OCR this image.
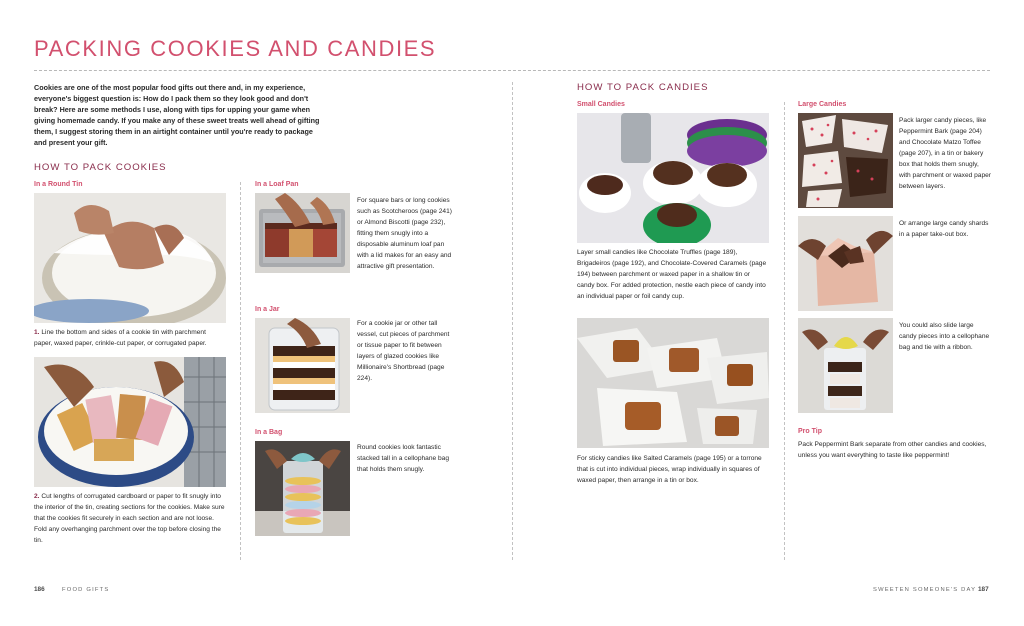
PACKING COOKIES AND CANDIES
Cookies are one of the most popular food gifts out there and, in my experience, everyone's biggest question is: How do I pack them so they look good and don't break? Here are some methods I use, along with tips for upping your game when giving homemade candy. If you make any of these sweet treats well ahead of gifting them, I suggest storing them in an airtight container until you're ready to package and present your gift.
HOW TO PACK COOKIES
In a Round Tin
1. Line the bottom and sides of a cookie tin with parchment paper, waxed paper, crinkle-cut paper, or corrugated paper.
2. Cut lengths of corrugated cardboard or paper to fit snugly into the interior of the tin, creating sections for the cookies. Make sure that the cookies fit securely in each section and are not loose. Fold any overhanging parchment over the top before closing the tin.
In a Loaf Pan
For square bars or long cookies such as Scotcheroos (page 241) or Almond Biscotti (page 232), fitting them snugly into a disposable aluminum loaf pan with a lid makes for an easy and attractive gift presentation.
In a Jar
For a cookie jar or other tall vessel, cut pieces of parchment or tissue paper to fit between layers of glazed cookies like Millionaire's Shortbread (page 224).
In a Bag
Round cookies look fantastic stacked tall in a cellophane bag that holds them snugly.
HOW TO PACK CANDIES
Small Candies
Layer small candies like Chocolate Truffles (page 189), Brigadeiros (page 192), and Chocolate-Covered Caramels (page 194) between parchment or waxed paper in a shallow tin or candy box. For added protection, nestle each piece of candy into an individual paper or foil candy cup.
For sticky candies like Salted Caramels (page 195) or a torrone that is cut into individual pieces, wrap individually in squares of waxed paper, then arrange in a tin or box.
Large Candies
Pack larger candy pieces, like Peppermint Bark (page 204) and Chocolate Matzo Toffee (page 207), in a tin or bakery box that holds them snugly, with parchment or waxed paper between layers.
Or arrange large candy shards in a paper take-out box.
You could also slide large candy pieces into a cellophane bag and tie with a ribbon.
Pro Tip
Pack Peppermint Bark separate from other candies and cookies, unless you want everything to taste like peppermint!
186	FOOD GIFTS	SWEETEN SOMEONE'S DAY 187
